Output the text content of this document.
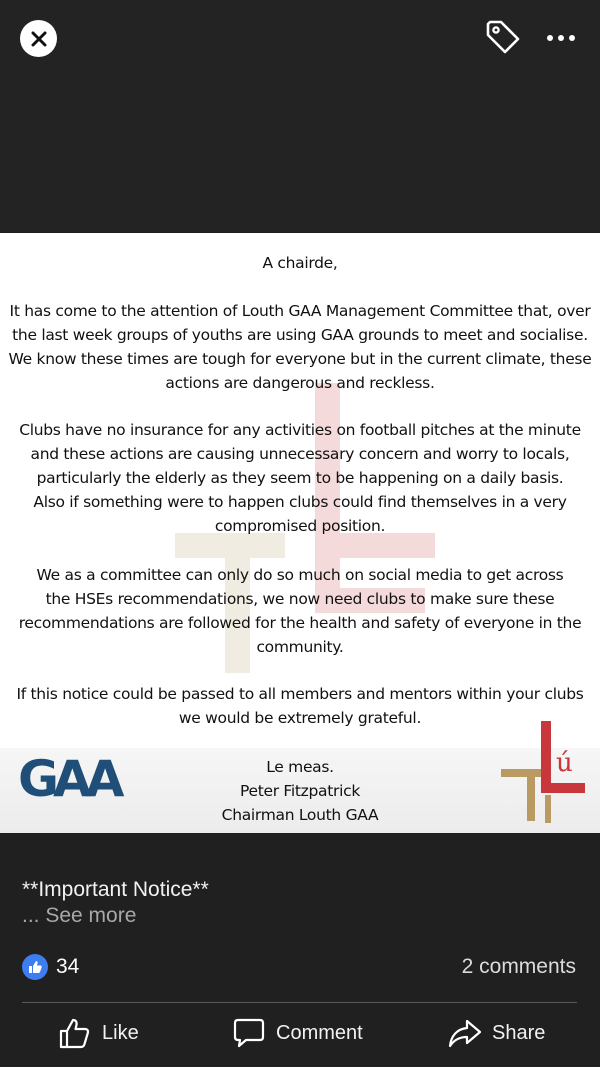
A chairde,
It has come to the attention of Louth GAA Management Committee that, over
the last week groups of youths are using GAA grounds to meet and socialise.
We know these times are tough for everyone but in the current climate, these
actions are dangerous and reckless.
Clubs have no insurance for any activities on football pitches at the minute
and these actions are causing unnecessary concern and worry to locals,
particularly the elderly as they seem to be happening on a daily basis.
Also if something were to happen clubs could find themselves in a very
compromised position.
We as a committee can only do so much on social media to get across
the HSEs recommendations, we now need clubs to make sure these
recommendations are followed for the health and safety of everyone in the
community.
If this notice could be passed to all members and mentors within your clubs
we would be extremely grateful.
Le meas.
Peter Fitzpatrick
Chairman Louth GAA
GAA	ú
**Important Notice**
... See more
34	2 comments
Like	Comment	Share
